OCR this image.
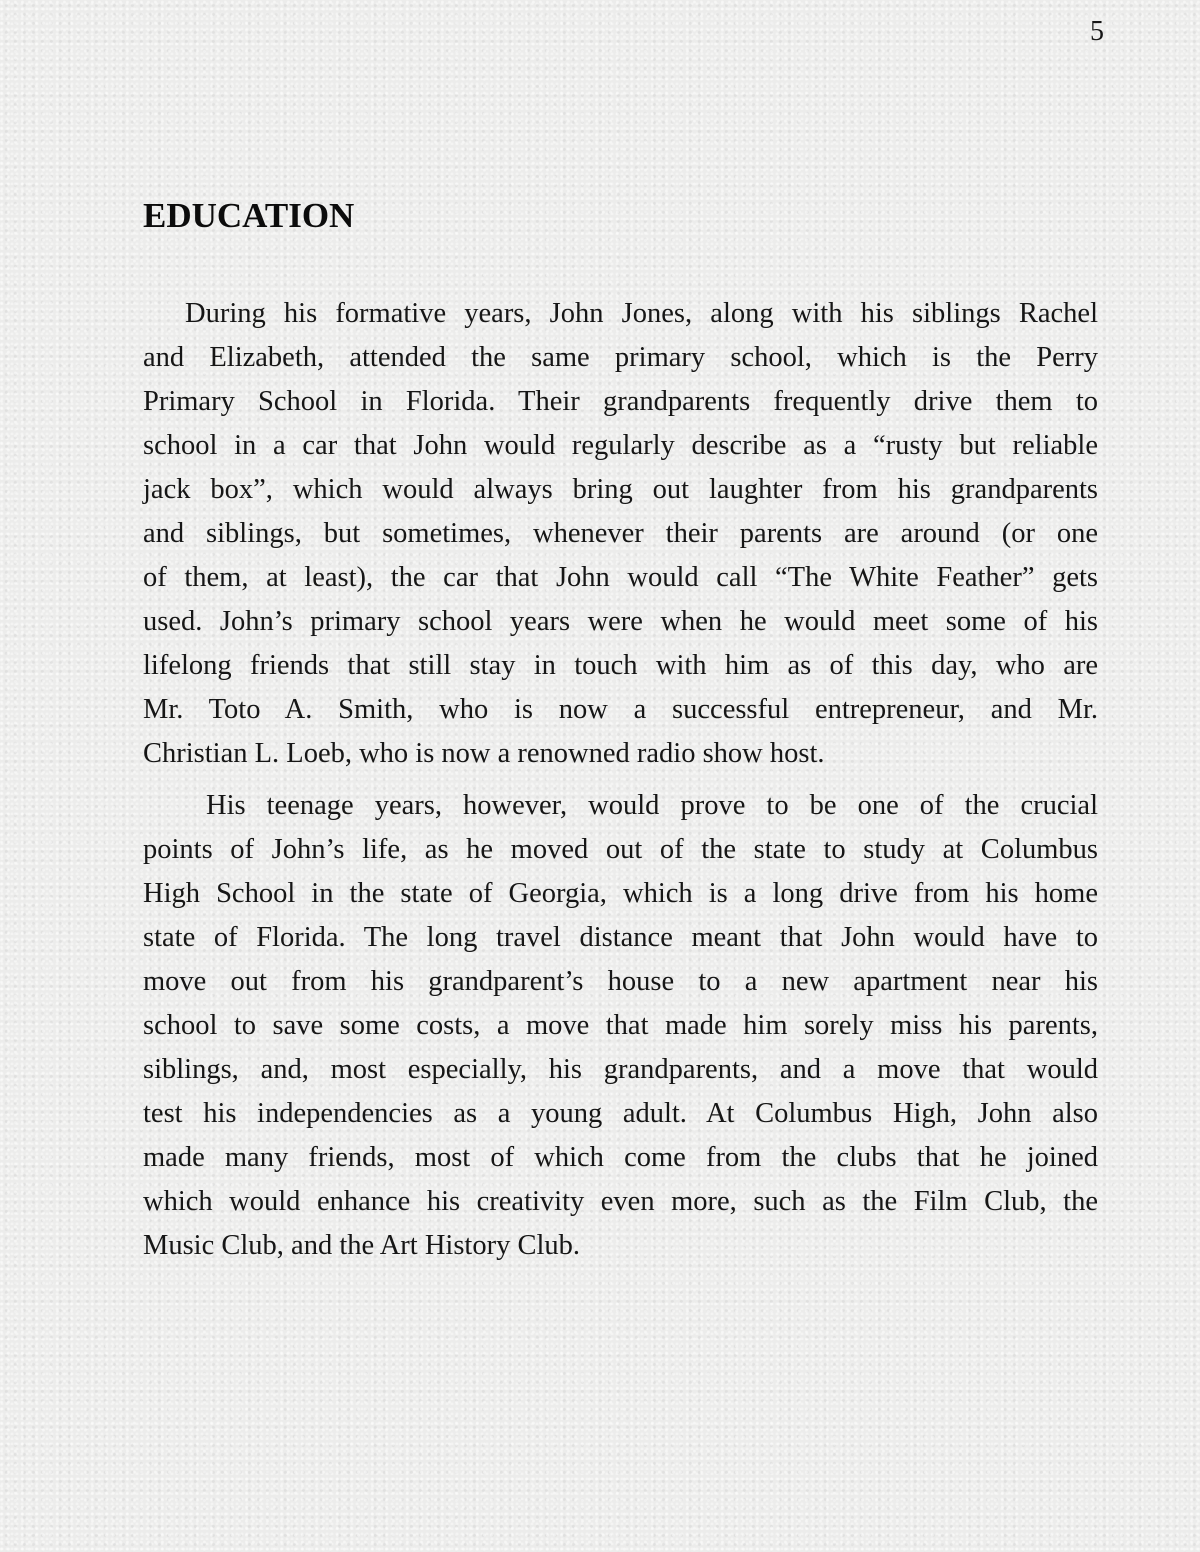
5
EDUCATION
During his formative years, John Jones, along with his siblings Rachel
and Elizabeth, attended the same primary school, which is the Perry
Primary School in Florida. Their grandparents frequently drive them to
school in a car that John would regularly describe as a “rusty but reliable
jack box”, which would always bring out laughter from his grandparents
and siblings, but sometimes, whenever their parents are around (or one
of them, at least), the car that John would call “The White Feather” gets
used. John’s primary school years were when he would meet some of his
lifelong friends that still stay in touch with him as of this day, who are
Mr. Toto A. Smith, who is now a successful entrepreneur, and Mr.
Christian L. Loeb, who is now a renowned radio show host.
His teenage years, however, would prove to be one of the crucial
points of John’s life, as he moved out of the state to study at Columbus
High School in the state of Georgia, which is a long drive from his home
state of Florida. The long travel distance meant that John would have to
move out from his grandparent’s house to a new apartment near his
school to save some costs, a move that made him sorely miss his parents,
siblings, and, most especially, his grandparents, and a move that would
test his independencies as a young adult. At Columbus High, John also
made many friends, most of which come from the clubs that he joined
which would enhance his creativity even more, such as the Film Club, the
Music Club, and the Art History Club.
